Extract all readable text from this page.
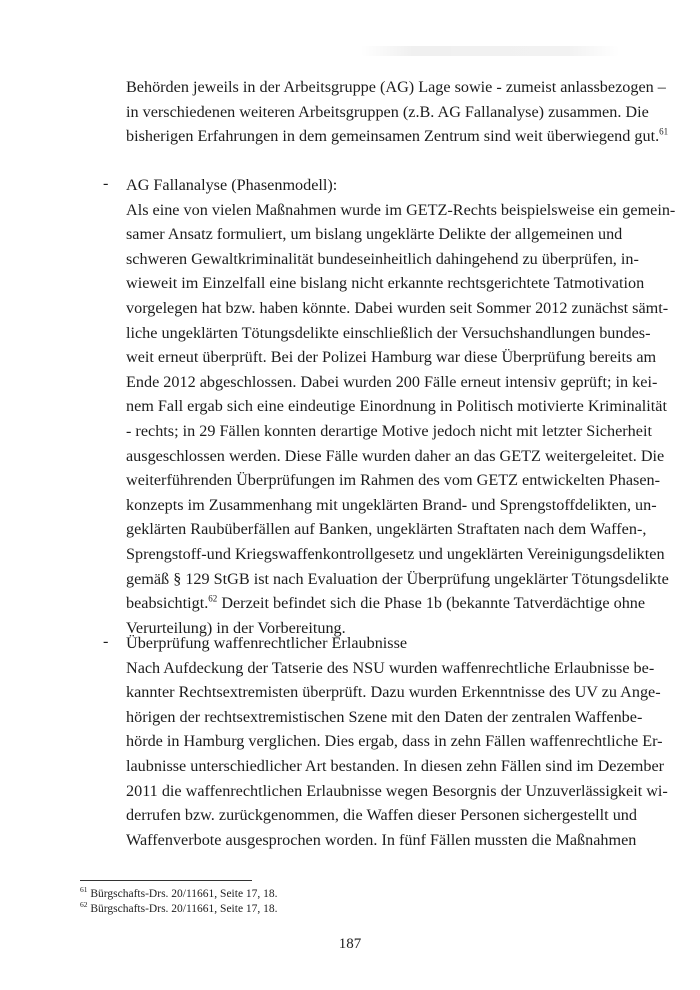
Behörden jeweils in der Arbeitsgruppe (AG) Lage sowie - zumeist anlassbezogen –
in verschiedenen weiteren Arbeitsgruppen (z.B. AG Fallanalyse) zusammen. Die
bisherigen Erfahrungen in dem gemeinsamen Zentrum sind weit überwiegend gut.$^{61}$
- AG Fallanalyse (Phasenmodell):
Als eine von vielen Maßnahmen wurde im GETZ-Rechts beispielsweise ein gemein-
samer Ansatz formuliert, um bislang ungeklärte Delikte der allgemeinen und
schweren Gewaltkriminalität bundeseinheitlich dahingehend zu überprüfen, in-
wieweit im Einzelfall eine bislang nicht erkannte rechtsgerichtete Tatmotivation
vorgelegen hat bzw. haben könnte. Dabei wurden seit Sommer 2012 zunächst sämt-
liche ungeklärten Tötungsdelikte einschließlich der Versuchshandlungen bundes-
weit erneut überprüft. Bei der Polizei Hamburg war diese Überprüfung bereits am
Ende 2012 abgeschlossen. Dabei wurden 200 Fälle erneut intensiv geprüft; in kei-
nem Fall ergab sich eine eindeutige Einordnung in Politisch motivierte Kriminalität
- rechts; in 29 Fällen konnten derartige Motive jedoch nicht mit letzter Sicherheit
ausgeschlossen werden. Diese Fälle wurden daher an das GETZ weitergeleitet. Die
weiterführenden Überprüfungen im Rahmen des vom GETZ entwickelten Phasen-
konzepts im Zusammenhang mit ungeklärten Brand- und Sprengstoffdelikten, un-
geklärten Raubüberfällen auf Banken, ungeklärten Straftaten nach dem Waffen-,
Sprengstoff-und Kriegswaffenkontrollgesetz und ungeklärten Vereinigungsdelikten
gemäß § 129 StGB ist nach Evaluation der Überprüfung ungeklärter Tötungsdelikte
beabsichtigt.$^{62}$ Derzeit befindet sich die Phase 1b (bekannte Tatverdächtige ohne
Verurteilung) in der Vorbereitung.
- Überprüfung waffenrechtlicher Erlaubnisse
Nach Aufdeckung der Tatserie des NSU wurden waffenrechtliche Erlaubnisse be-
kannter Rechtsextremisten überprüft. Dazu wurden Erkenntnisse des UV zu Ange-
hörigen der rechtsextremistischen Szene mit den Daten der zentralen Waffenbe-
hörde in Hamburg verglichen. Dies ergab, dass in zehn Fällen waffenrechtliche Er-
laubnisse unterschiedlicher Art bestanden. In diesen zehn Fällen sind im Dezember
2011 die waffenrechtlichen Erlaubnisse wegen Besorgnis der Unzuverlässigkeit wi-
derrufen bzw. zurückgenommen, die Waffen dieser Personen sichergestellt und
Waffenverbote ausgesprochen worden. In fünf Fällen mussten die Maßnahmen
$^{61}$ Bürgschafts-Drs. 20/11661, Seite 17, 18.
$^{62}$ Bürgschafts-Drs. 20/11661, Seite 17, 18.
187
